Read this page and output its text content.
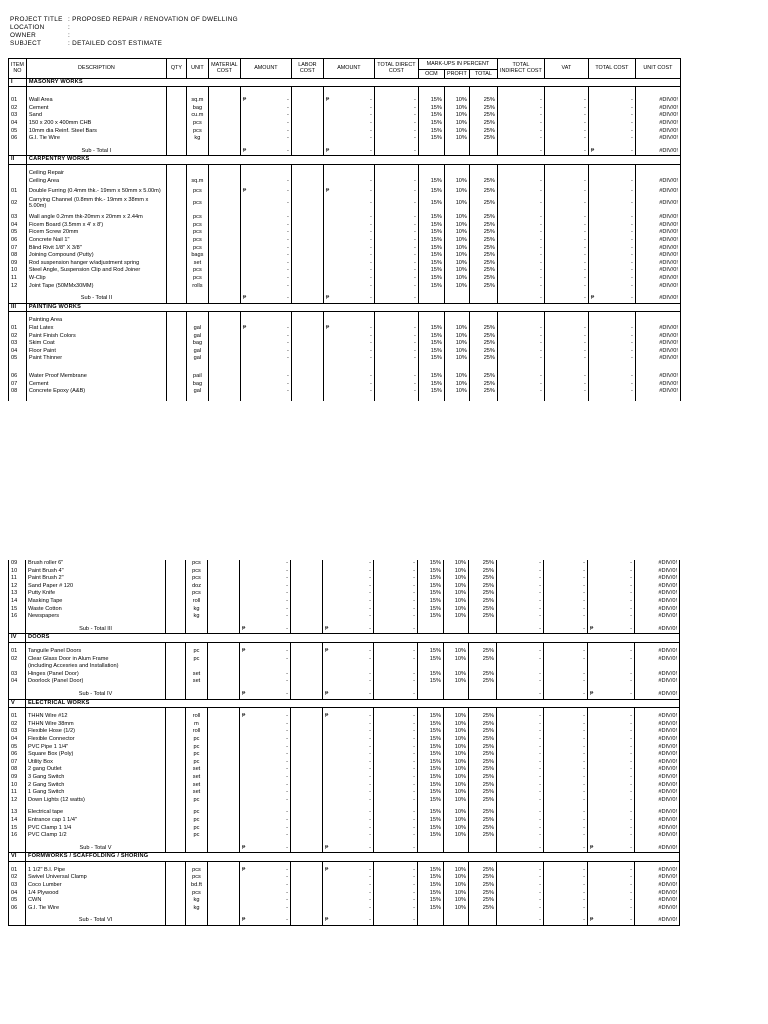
PROJECT TITLE : PROPOSED REPAIR / RENOVATION OF DWELLING
LOCATION	:
OWNER	:
SUBJECT	: DETAILED COST ESTIMATE
ITEM NO	DESCRIPTION	QTY	UNIT	MATERIAL COST	AMOUNT	LABOR COST	AMOUNT	TOTAL DIRECT COST	MARK-UPS IN PERCENT			TOTAL INDIRECT COST	VAT	TOTAL COST	UNIT COST
									OCM	PROFIT	TOTAL				
I	MASONRY WORKS														

01	Wall Area		sq.m		₱ -		₱ -	-	15%	10%	25%	-	-	-	#DIV/0!
02	Cement		bag		-		-	-	15%	10%	25%	-	-	-	#DIV/0!
03	Sand		cu.m		-		-	-	15%	10%	25%	-	-	-	#DIV/0!
04	150 x 200 x 400mm CHB		pcs		-		-	-	15%	10%	25%	-	-	-	#DIV/0!
05	10mm dia Reinf. Steel Bars		pcs		-		-	-	15%	10%	25%	-	-	-	#DIV/0!
06	G.I. Tie Wire		kg		-		-	-	15%	10%	25%	-	-	-	#DIV/0!

	Sub - Total I				₱ -		₱ -	-				-	-	₱ -	#DIV/0!
II	CARPENTRY WORKS														

	Ceiling Repair														
	Ceiling Area		sq.m		-		-	-	15%	10%	25%	-	-	-	#DIV/0!
01	Double Furring (0.4mm thk.- 19mm x 50mm x 5.00m)		pcs		₱ -		₱ -	-	15%	10%	25%	-	-	-	#DIV/0!
02	Carrying Channel (0.8mm thk.- 19mm x 38mm x 5.00m)		pcs		-		-	-	15%	10%	25%	-	-	-	#DIV/0!

03	Wall angle 0.2mm thk-20mm x 20mm x 2.44m		pcs		-		-	-	15%	10%	25%	-	-	-	#DIV/0!
04	Ficem Board (3.5mm x 4' x 8')		pcs		-		-	-	15%	10%	25%	-	-	-	#DIV/0!
05	Ficem Screw 20mm		pcs		-		-	-	15%	10%	25%	-	-	-	#DIV/0!
06	Concrete Nail 1"		pcs		-		-	-	15%	10%	25%	-	-	-	#DIV/0!
07	Blind Rivit 1/8" X 3/8"		pcs		-		-	-	15%	10%	25%	-	-	-	#DIV/0!
08	Joining Compound (Putty)		bags		-		-	-	15%	10%	25%	-	-	-	#DIV/0!
09	Rod suspension hanger w/adjustment spring		set		-		-	-	15%	10%	25%	-	-	-	#DIV/0!
10	Steel Angle, Suspension Clip and Rod Joiner		pcs		-		-	-	15%	10%	25%	-	-	-	#DIV/0!
11	W-Clip		pcs		-		-	-	15%	10%	25%	-	-	-	#DIV/0!
12	Joint Tape (50MMx30MM)		rolls		-		-	-	15%	10%	25%	-	-	-	#DIV/0!

	Sub - Total II				₱ -		₱ -	-				-	-	₱ -	#DIV/0!
III	PAINTING WORKS														

	Painting Area														
01	Flat Latex		gal		₱ -		₱ -	-	15%	10%	25%	-	-	-	#DIV/0!
02	Paint Finish Colors		gal		-		-	-	15%	10%	25%	-	-	-	#DIV/0!
03	Skim Coat		bag		-		-	-	15%	10%	25%	-	-	-	#DIV/0!
04	Floor Paint		gal		-		-	-	15%	10%	25%	-	-	-	#DIV/0!
05	Paint Thinner		gal		-		-	-	15%	10%	25%	-	-	-	#DIV/0!

06	Water Proof Membrane		pail		-		-	-	15%	10%	25%	-	-	-	#DIV/0!
07	Cement		bag		-		-	-	15%	10%	25%	-	-	-	#DIV/0!
08	Concrete Epoxy (A&B)		gal		-		-	-	15%	10%	25%	-	-	-	#DIV/0!

09	Brush roller 6"		pcs		-		-	-	15%	10%	25%	-	-	-	#DIV/0!
10	Paint Brush 4"		pcs		-		-	-	15%	10%	25%	-	-	-	#DIV/0!
11	Paint Brush 2"		pcs		-		-	-	15%	10%	25%	-	-	-	#DIV/0!
12	Sand Paper # 120		doz		-		-	-	15%	10%	25%	-	-	-	#DIV/0!
13	Putty Knife		pcs		-		-	-	15%	10%	25%	-	-	-	#DIV/0!
14	Masking Tape		roll		-		-	-	15%	10%	25%	-	-	-	#DIV/0!
15	Waste Cotton		kg		-		-	-	15%	10%	25%	-	-	-	#DIV/0!
16	Newspapers		kg		-		-	-	15%	10%	25%	-	-	-	#DIV/0!

	Sub - Total III				₱ -		₱ -	-				-	-	₱ -	#DIV/0!
IV	DOORS														

01	Tanguile Panel Doors		pc		₱ -		₱ -	-	15%	10%	25%	-	-	-	#DIV/0!
02	Clear Glass Door in Alum Frame		pc		-		-	-	15%	10%	25%	-	-	-	#DIV/0!
	(including Accesries and Installation)														
03	Hinges (Panel Door)		set		-		-	-	15%	10%	25%	-	-	-	#DIV/0!
04	Doorlock (Panel Door)		set		-		-	-	15%	10%	25%	-	-	-	#DIV/0!

	Sub - Total IV				₱ -		₱ -	-				-	-	₱ -	#DIV/0!
V	ELECTRICAL WORKS														

01	THHN Wire #12		roll		₱ -		₱ -	-	15%	10%	25%	-	-	-	#DIV/0!
02	THHN Wire 38mm		m		-		-	-	15%	10%	25%	-	-	-	#DIV/0!
03	Flexible Hose (1/2)		roll		-		-	-	15%	10%	25%	-	-	-	#DIV/0!
04	Flexible Connector		pc		-		-	-	15%	10%	25%	-	-	-	#DIV/0!
05	PVC Pipe 1 1/4"		pc		-		-	-	15%	10%	25%	-	-	-	#DIV/0!
06	Square Box (Poly)		pc		-		-	-	15%	10%	25%	-	-	-	#DIV/0!
07	Utility Box		pc		-		-	-	15%	10%	25%	-	-	-	#DIV/0!
08	2 gang Outlet		set		-		-	-	15%	10%	25%	-	-	-	#DIV/0!
09	3 Gang Switch		set		-		-	-	15%	10%	25%	-	-	-	#DIV/0!
10	2 Gang Switch		set		-		-	-	15%	10%	25%	-	-	-	#DIV/0!
11	1 Gang Switch		set		-		-	-	15%	10%	25%	-	-	-	#DIV/0!
12	Down Lights (12 watts)		pc		-		-	-	15%	10%	25%	-	-	-	#DIV/0!

13	Electrical tape		pc		-		-	-	15%	10%	25%	-	-	-	#DIV/0!
14	Entrance cap 1 1/4"		pc		-		-	-	15%	10%	25%	-	-	-	#DIV/0!
15	PVC Clamp 1 1/4		pc		-		-	-	15%	10%	25%	-	-	-	#DIV/0!
16	PVC Clamp 1/2		pc		-		-	-	15%	10%	25%	-	-	-	#DIV/0!

	Sub - Total V				₱ -		₱ -	-				-	-	₱ -	#DIV/0!
VI	FORMWORKS / SCAFFOLDING / SHORING														

01	1 1/2" B.I. Pipe		pcs		₱ -		₱ -	-	15%	10%	25%	-	-	-	#DIV/0!
02	Swivel Universal Clamp		pcs		-		-	-	15%	10%	25%	-	-	-	#DIV/0!
03	Coco Lumber		bd.ft		-		-	-	15%	10%	25%	-	-	-	#DIV/0!
04	1/4 Plywood		pcs		-		-	-	15%	10%	25%	-	-	-	#DIV/0!
05	CWN		kg		-		-	-	15%	10%	25%	-	-	-	#DIV/0!
06	G.I. Tie Wire		kg		-		-	-	15%	10%	25%	-	-	-	#DIV/0!

	Sub - Total VI				₱ -		₱ -	-				-	-	₱ -	#DIV/0!
